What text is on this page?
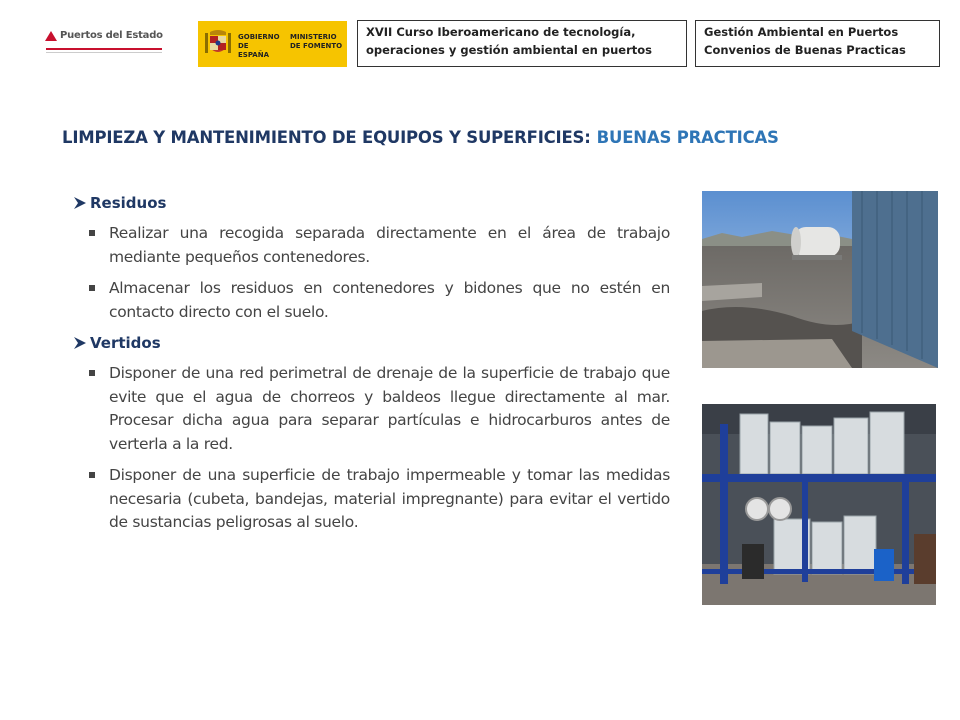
Puertos del Estado	GOBIERNO
DE ESPAÑA
MINISTERIO
DE FOMENTO
XVII Curso Iberoamericano de tecnología,
operaciones y gestión ambiental en puertos
Gestión Ambiental en Puertos
Convenios de Buenas Practicas
LIMPIEZA Y MANTENIMIENTO DE EQUIPOS Y SUPERFICIES: BUENAS PRACTICAS
Residuos
Realizar una recogida separada directamente en el área de trabajo mediante pequeños contenedores.
Almacenar los residuos en contenedores y bidones que no estén en contacto directo con el suelo.
Vertidos
Disponer de una red perimetral de drenaje de la superficie de trabajo que evite que el agua de chorreos y baldeos llegue directamente al mar. Procesar dicha agua para separar partículas e hidrocarburos antes de verterla a la red.
Disponer de una superficie de trabajo impermeable y tomar las medidas necesaria (cubeta, bandejas, material impregnante) para evitar el vertido de sustancias peligrosas al suelo.
